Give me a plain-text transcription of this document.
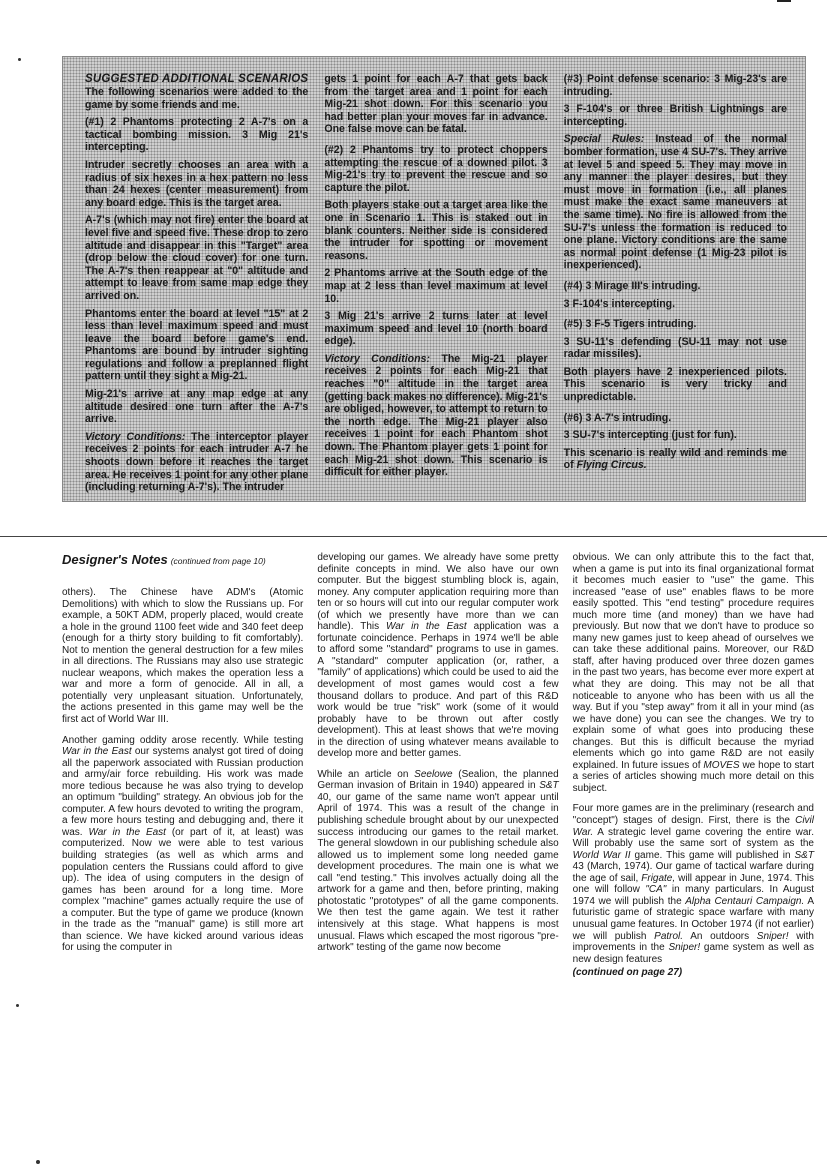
SUGGESTED ADDITIONAL SCENARIOS

The following scenarios were added to the game by some friends and me.

(#1) 2 Phantoms protecting 2 A-7's on a tactical bombing mission. 3 Mig 21's intercepting.

Intruder secretly chooses an area with a radius of six hexes in a hex pattern no less than 24 hexes (center measurement) from any board edge. This is the target area.

A-7's (which may not fire) enter the board at level five and speed five. These drop to zero altitude and disappear in this "Target" area (drop below the cloud cover) for one turn. The A-7's then reappear at "0" altitude and attempt to leave from same map edge they arrived on.

Phantoms enter the board at level "15" at 2 less than level maximum speed and must leave the board before game's end. Phantoms are bound by intruder sighting regulations and follow a preplanned flight pattern until they sight a Mig-21.

Mig-21's arrive at any map edge at any altitude desired one turn after the A-7's arrive.

Victory Conditions: The interceptor player receives 2 points for each intruder A-7 he shoots down before it reaches the target area. He receives 1 point for any other plane (including returning A-7's). The intruder

gets 1 point for each A-7 that gets back from the target area and 1 point for each Mig-21 shot down. For this scenario you had better plan your moves far in advance. One false move can be fatal.

(#2) 2 Phantoms try to protect choppers attempting the rescue of a downed pilot. 3 Mig-21's try to prevent the rescue and so capture the pilot.

Both players stake out a target area like the one in Scenario 1. This is staked out in blank counters. Neither side is considered the intruder for spotting or movement reasons.

2 Phantoms arrive at the South edge of the map at 2 less than level maximum at level 10.

3 Mig 21's arrive 2 turns later at level maximum speed and level 10 (north board edge).

Victory Conditions: The Mig-21 player receives 2 points for each Mig-21 that reaches "0" altitude in the target area (getting back makes no difference). Mig-21's are obliged, however, to attempt to return to the north edge. The Mig-21 player also receives 1 point for each Phantom shot down. The Phantom player gets 1 point for each Mig-21 shot down. This scenario is difficult for either player.

(#3) Point defense scenario: 3 Mig-23's are intruding.

3 F-104's or three British Lightnings are intercepting.

Special Rules: Instead of the normal bomber formation, use 4 SU-7's. They arrive at level 5 and speed 5. They may move in any manner the player desires, but they must move in formation (i.e., all planes must make the exact same maneuvers at the same time). No fire is allowed from the SU-7's unless the formation is reduced to one plane. Victory conditions are the same as normal point defense (1 Mig-23 pilot is inexperienced).

(#4) 3 Mirage III's intruding.

3 F-104's intercepting.

(#5) 3 F-5 Tigers intruding.

3 SU-11's defending (SU-11 may not use radar missiles).

Both players have 2 inexperienced pilots. This scenario is very tricky and unpredictable.

(#6) 3 A-7's intruding.

3 SU-7's intercepting (just for fun).

This scenario is really wild and reminds me of Flying Circus.

Designer's Notes (continued from page 10)

others). The Chinese have ADM's (Atomic Demolitions) with which to slow the Russians up. For example, a 50KT ADM, properly placed, would create a hole in the ground 1100 feet wide and 340 feet deep (enough for a thirty story building to fit comfortably). Not to mention the general destruction for a few miles in all directions. The Russians may also use strategic nuclear weapons, which makes the operation less a war and more a form of genocide. All in all, a potentially very unpleasant situation. Unfortunately, the actions presented in this game may well be the first act of World War III.

Another gaming oddity arose recently. While testing War in the East our systems analyst got tired of doing all the paperwork associated with Russian production and army/air force rebuilding. His work was made more tedious because he was also trying to develop an optimum "building" strategy. An obvious job for the computer. A few hours devoted to writing the program, a few more hours testing and debugging and, there it was. War in the East (or part of it, at least) was computerized. Now we were able to test various building strategies (as well as which arms and population centers the Russians could afford to give up). The idea of using computers in the design of games has been around for a long time. More complex "machine" games actually require the use of a computer. But the type of game we produce (known in the trade as the "manual" game) is still more art than science. We have kicked around various ideas for using the computer in

developing our games. We already have some pretty definite concepts in mind. We also have our own computer. But the biggest stumbling block is, again, money. Any computer application requiring more than ten or so hours will cut into our regular computer work (of which we presently have more than we can handle). This War in the East application was a fortunate coincidence. Perhaps in 1974 we'll be able to afford some "standard" programs to use in games. A "standard" computer application (or, rather, a "family" of applications) which could be used to aid the development of most games would cost a few thousand dollars to produce. And part of this R&D work would be true "risk" work (some of it would probably have to be thrown out after costly development). This at least shows that we're moving in the direction of using whatever means available to develop more and better games.

While an article on Seelowe (Sealion, the planned German invasion of Britain in 1940) appeared in S&T 40, our game of the same name won't appear until April of 1974. This was a result of the change in publishing schedule brought about by our unexpected success introducing our games to the retail market. The general slowdown in our publishing schedule also allowed us to implement some long needed game development procedures. The main one is what we call "end testing." This involves actually doing all the artwork for a game and then, before printing, making photostatic "prototypes" of all the game components. We then test the game again. We test it rather intensively at this stage. What happens is most unusual. Flaws which escaped the most rigorous "pre-artwork" testing of the game now become

obvious. We can only attribute this to the fact that, when a game is put into its final organizational format it becomes much easier to "use" the game. This increased "ease of use" enables flaws to be more easily spotted. This "end testing" procedure requires much more time (and money) than we have had previously. But now that we don't have to produce so many new games just to keep ahead of ourselves we can take these additional pains. Moreover, our R&D staff, after having produced over three dozen games in the past two years, has become ever more expert at what they are doing. This may not be all that noticeable to anyone who has been with us all the way. But if you "step away" from it all in your mind (as we have done) you can see the changes. We try to explain some of what goes into producing these changes. But this is difficult because the myriad elements which go into game R&D are not easily explained. In future issues of MOVES we hope to start a series of articles showing much more detail on this subject.

Four more games are in the preliminary (research and "concept") stages of design. First, there is the Civil War. A strategic level game covering the entire war. Will probably use the same sort of system as the World War II game. This game will published in S&T 43 (March, 1974). Our game of tactical warfare during the age of sail, Frigate, will appear in June, 1974. This one will follow "CA" in many particulars. In August 1974 we will publish the Alpha Centauri Campaign. A futuristic game of strategic space warfare with many unusual game features. In October 1974 (if not earlier) we will publish Patrol. An outdoors Sniper! with improvements in the Sniper! game system as well as new design features

(continued on page 27)
